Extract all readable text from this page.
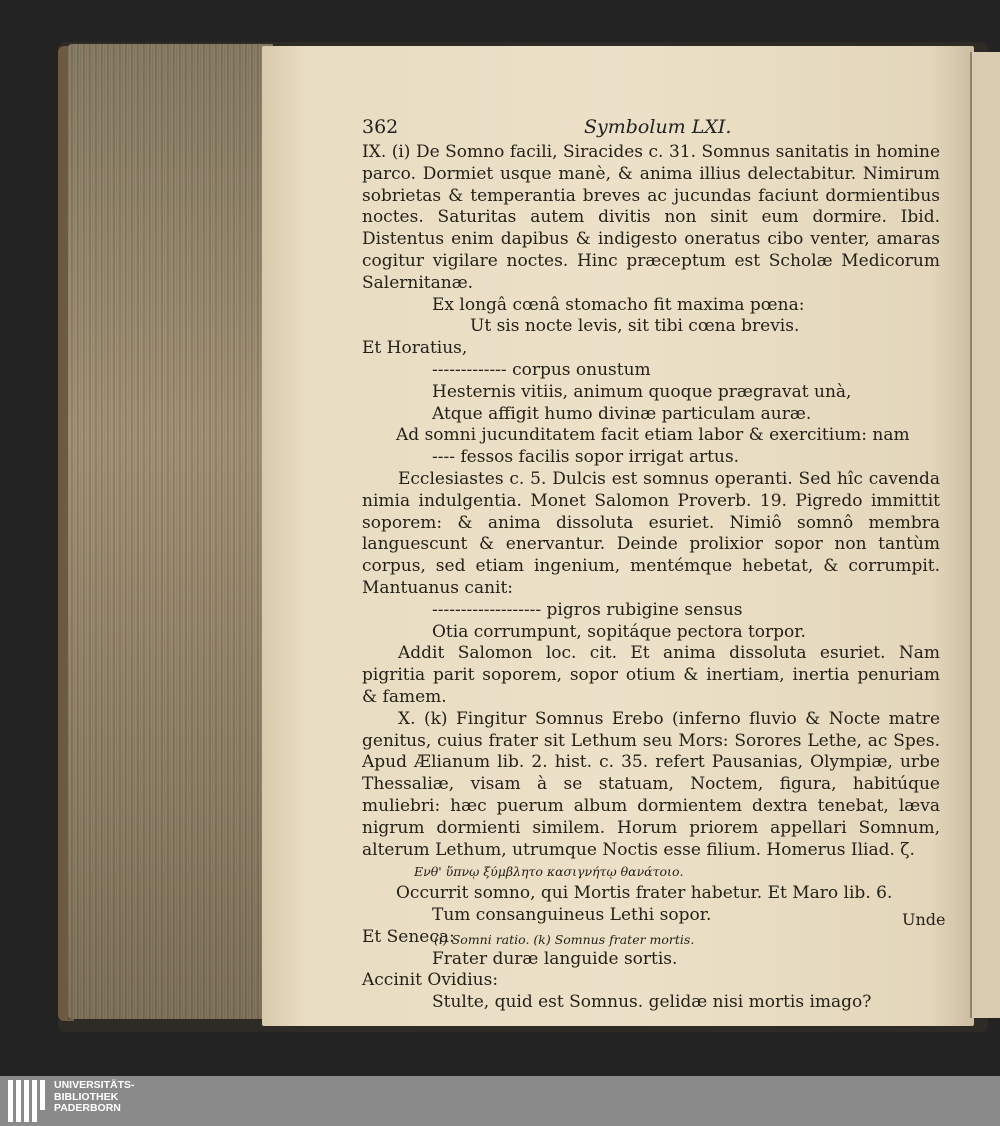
362	Symbolum LXI.

IX. (i) De Somno facili, Siracides c. 31. Somnus sanitatis in homine parco. Dormiet usque manè, & anima illius delectabitur. Nimirum sobrietas & temperantia breves ac jucundas faciunt dormientibus noctes. Saturitas autem divitis non sinit eum dormire. Ibid. Distentus enim dapibus & indigesto oneratus cibo venter, amaras cogitur vigilare noctes. Hinc præceptum est Scholæ Medicorum Salernitanæ.

Ex longâ cœnâ stomacho fit maxima pœna:

Ut sis nocte levis, sit tibi cœna brevis.

Et Horatius,

------------- corpus onustum

Hesternis vitiis, animum quoque prægravat unà,

Atque affigit humo divinæ particulam auræ.

Ad somni jucunditatem facit etiam labor & exercitium: nam

---- fessos facilis sopor irrigat artus.

Ecclesiastes c. 5. Dulcis est somnus operanti. Sed hîc cavenda nimia indulgentia. Monet Salomon Proverb. 19. Pigredo immittit soporem: & anima dissoluta esuriet. Nimiô somnô membra languescunt & enervantur. Deinde prolixior sopor non tantùm corpus, sed etiam ingenium, mentémque hebetat, & corrumpit. Mantuanus canit:

------------------- pigros rubigine sensus

Otia corrumpunt, sopitáque pectora torpor.

Addit Salomon loc. cit. Et anima dissoluta esuriet. Nam pigritia parit soporem, sopor otium & inertiam, inertia penuriam & famem.

X. (k) Fingitur Somnus Erebo (inferno fluvio & Nocte matre genitus, cuius frater sit Lethum seu Mors: Sorores Lethe, ac Spes. Apud Ælianum lib. 2. hist. c. 35. refert Pausanias, Olympiæ, urbe Thessaliæ, visam à se statuam, Noctem, figura, habitúque muliebri: hæc puerum album dormientem dextra tenebat, læva nigrum dormienti similem. Horum priorem appellari Somnum, alterum Lethum, utrumque Noctis esse filium. Homerus Iliad. ζ.

Ενθ' ὕπνῳ ξύμβλητο κασιγνήτῳ θανάτοιο.

Occurrit somno, qui Mortis frater habetur. Et Maro lib. 6.

Tum consanguineus Lethi sopor.

Et Seneca:

Frater duræ languide sortis.

Accinit Ovidius:

Stulte, quid est Somnus. gelidæ nisi mortis imago?

Unde
(i) Somni ratio. (k) Somnus frater mortis.
UNIVERSITÄTS-
BIBLIOTHEK
PADERBORN
